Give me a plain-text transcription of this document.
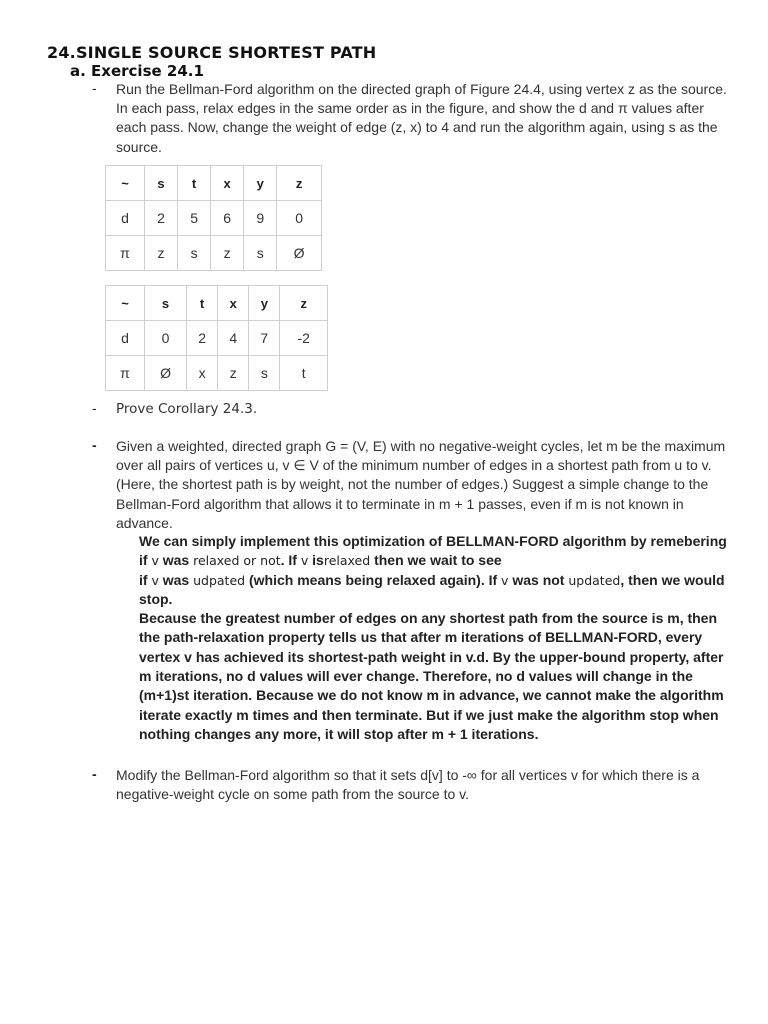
24.SINGLE SOURCE SHORTEST PATH
a. Exercise 24.1
- Run the Bellman-Ford algorithm on the directed graph of Figure 24.4, using vertex z as the source. In each pass, relax edges in the same order as in the figure, and show the d and π values after each pass. Now, change the weight of edge (z, x) to 4 and run the algorithm again, using s as the source.
~	s	t	x	y	z
d	2	5	6	9	0
π	z	s	z	s	Ø
~	s	t	x	y	z
d	0	2	4	7	-2
π	Ø	x	z	s	t
- Prove Corollary 24.3.
- Given a weighted, directed graph G = (V, E) with no negative-weight cycles, let m be the maximum over all pairs of vertices u, v ∈ V of the minimum number of edges in a shortest path from u to v. (Here, the shortest path is by weight, not the number of edges.) Suggest a simple change to the Bellman-Ford algorithm that allows it to terminate in m + 1 passes, even if m is not known in advance.
We can simply implement this optimization of BELLMAN-FORD algorithm by remebering if v was relaxed or not. If v isrelaxed then we wait to see
if v was udpated (which means being relaxed again). If v was not updated, then we would stop.
Because the greatest number of edges on any shortest path from the source is m, then the path-relaxation property tells us that after m iterations of BELLMAN-FORD, every vertex v has achieved its shortest-path weight in v.d. By the upper-bound property, after m iterations, no d values will ever change. Therefore, no d values will change in the (m+1)st iteration. Because we do not know m in advance, we cannot make the algorithm iterate exactly m times and then terminate. But if we just make the algorithm stop when nothing changes any more, it will stop after m + 1 iterations.
- Modify the Bellman-Ford algorithm so that it sets d[v] to -∞ for all vertices v for which there is a negative-weight cycle on some path from the source to v.
